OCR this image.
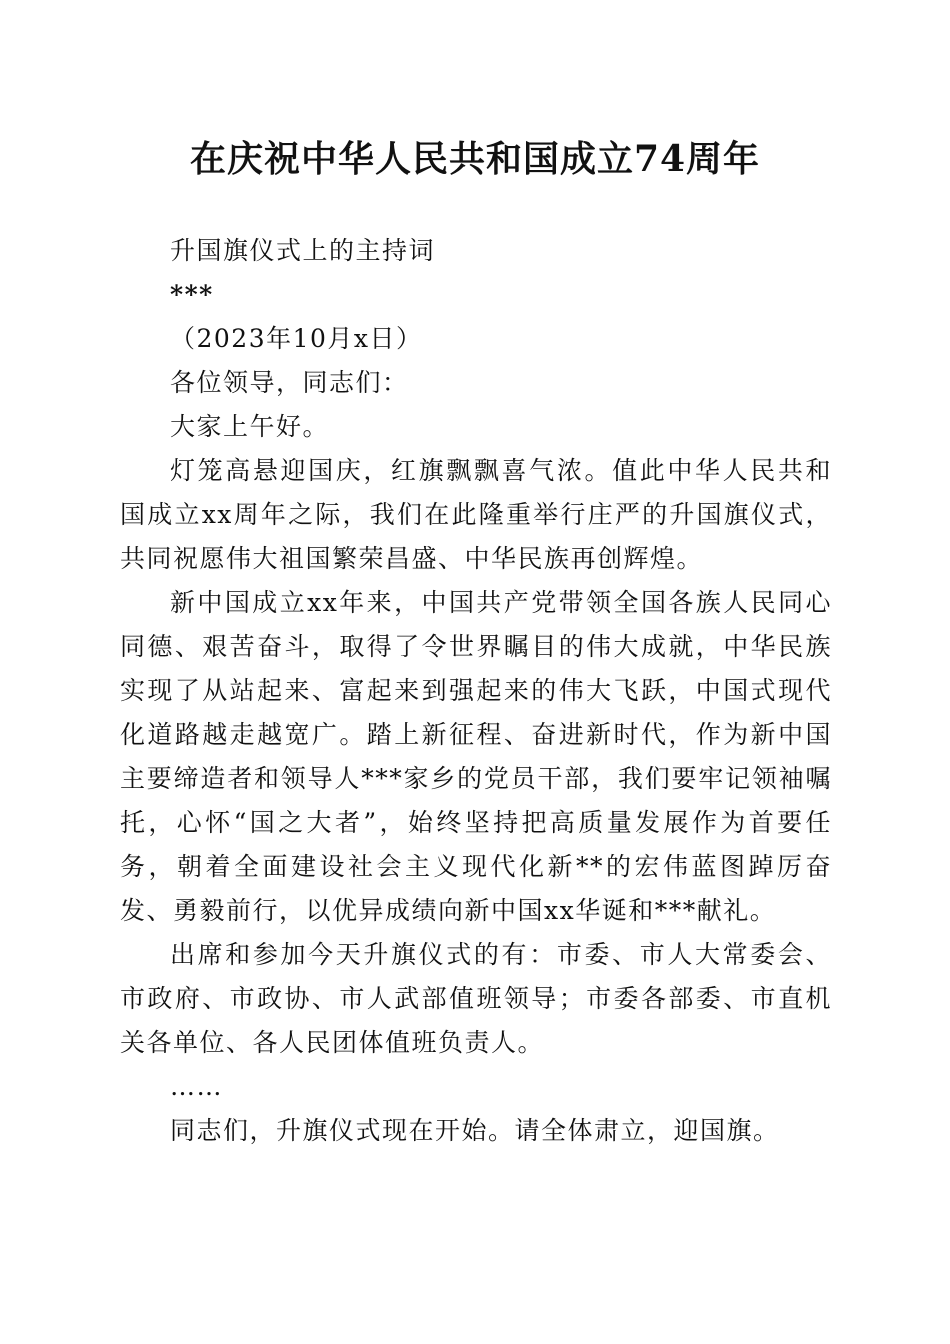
在庆祝中华人民共和国成立74周年

升国旗仪式上的主持词

***

（2023年10月x日）

各位领导，同志们：

大家上午好。

灯笼高悬迎国庆，红旗飘飘喜气浓。值此中华人民共和国成立xx周年之际，我们在此隆重举行庄严的升国旗仪式，共同祝愿伟大祖国繁荣昌盛、中华民族再创辉煌。

新中国成立xx年来，中国共产党带领全国各族人民同心同德、艰苦奋斗，取得了令世界瞩目的伟大成就，中华民族实现了从站起来、富起来到强起来的伟大飞跃，中国式现代化道路越走越宽广。踏上新征程、奋进新时代，作为新中国主要缔造者和领导人***家乡的党员干部，我们要牢记领袖嘱托，心怀“国之大者”，始终坚持把高质量发展作为首要任务，朝着全面建设社会主义现代化新**的宏伟蓝图踔厉奋发、勇毅前行，以优异成绩向新中国xx华诞和***献礼。

出席和参加今天升旗仪式的有：市委、市人大常委会、市政府、市政协、市人武部值班领导；市委各部委、市直机关各单位、各人民团体值班负责人。

……

同志们，升旗仪式现在开始。请全体肃立，迎国旗。
